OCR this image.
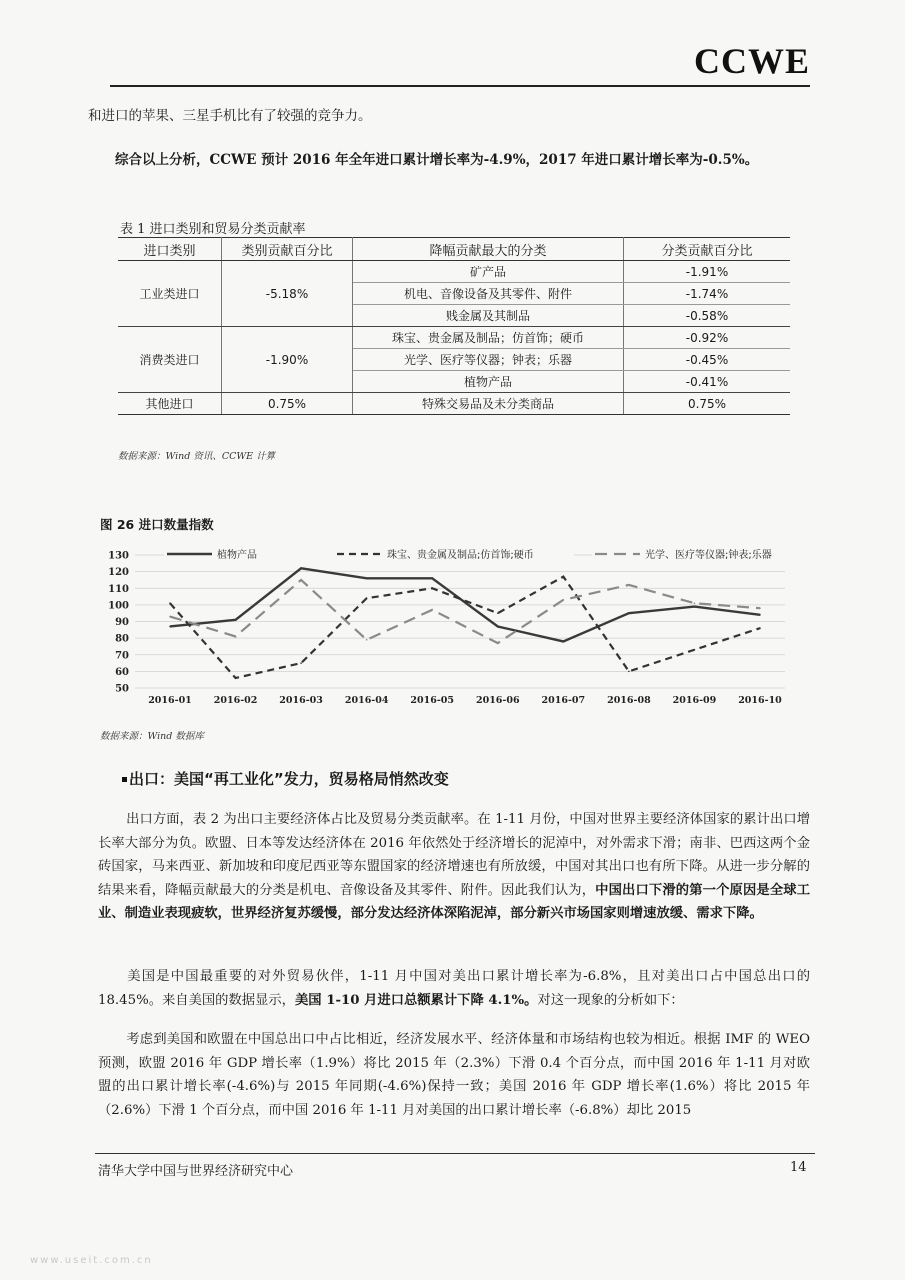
CCWE
和进口的苹果、三星手机比有了较强的竞争力。
综合以上分析，CCWE 预计 2016 年全年进口累计增长率为-4.9%，2017 年进口累计增长率为-0.5%。
表 1 进口类别和贸易分类贡献率
进口类别	类别贡献百分比	降幅贡献最大的分类	分类贡献百分比
工业类进口	-5.18%	矿产品	-1.91%
		机电、音像设备及其零件、附件	-1.74%
		贱金属及其制品	-0.58%
消费类进口	-1.90%	珠宝、贵金属及制品；仿首饰；硬币	-0.92%
		光学、医疗等仪器；钟表；乐器	-0.45%
		植物产品	-0.41%
其他进口	0.75%	特殊交易品及未分类商品	0.75%
数据来源：Wind 资讯、CCWE 计算
图 26 进口数量指数
50
60
70
80
90
100
110
120
130
2016-01 2016-02 2016-03 2016-04 2016-05 2016-06 2016-07 2016-08 2016-09 2016-10
植物产品	珠宝、贵金属及制品;仿首饰;硬币	光学、医疗等仪器;钟表;乐器
数据来源：Wind 数据库
出口：美国“再工业化”发力，贸易格局悄然改变
出口方面，表 2 为出口主要经济体占比及贸易分类贡献率。在 1-11 月份，中国对世界主要经济体国家的累计出口增长率大部分为负。欧盟、日本等发达经济体在 2016 年依然处于经济增长的泥淖中，对外需求下滑；南非、巴西这两个金砖国家，马来西亚、新加坡和印度尼西亚等东盟国家的经济增速也有所放缓，中国对其出口也有所下降。从进一步分解的结果来看，降幅贡献最大的分类是机电、音像设备及其零件、附件。因此我们认为，中国出口下滑的第一个原因是全球工业、制造业表现疲软，世界经济复苏缓慢，部分发达经济体深陷泥淖，部分新兴市场国家则增速放缓、需求下降。
美国是中国最重要的对外贸易伙伴，1-11 月中国对美出口累计增长率为-6.8%，且对美出口占中国总出口的 18.45%。来自美国的数据显示，美国 1-10 月进口总额累计下降 4.1%。对这一现象的分析如下：
考虑到美国和欧盟在中国总出口中占比相近，经济发展水平、经济体量和市场结构也较为相近。根据 IMF 的 WEO 预测，欧盟 2016 年 GDP 增长率（1.9%）将比 2015 年（2.3%）下滑 0.4 个百分点，而中国 2016 年 1-11 月对欧盟的出口累计增长率(-4.6%)与 2015 年同期(-4.6%)保持一致；美国 2016 年 GDP 增长率(1.6%）将比 2015 年（2.6%）下滑 1 个百分点，而中国 2016 年 1-11 月对美国的出口累计增长率（-6.8%）却比 2015
清华大学中国与世界经济研究中心	14
www.useit.com.cn
